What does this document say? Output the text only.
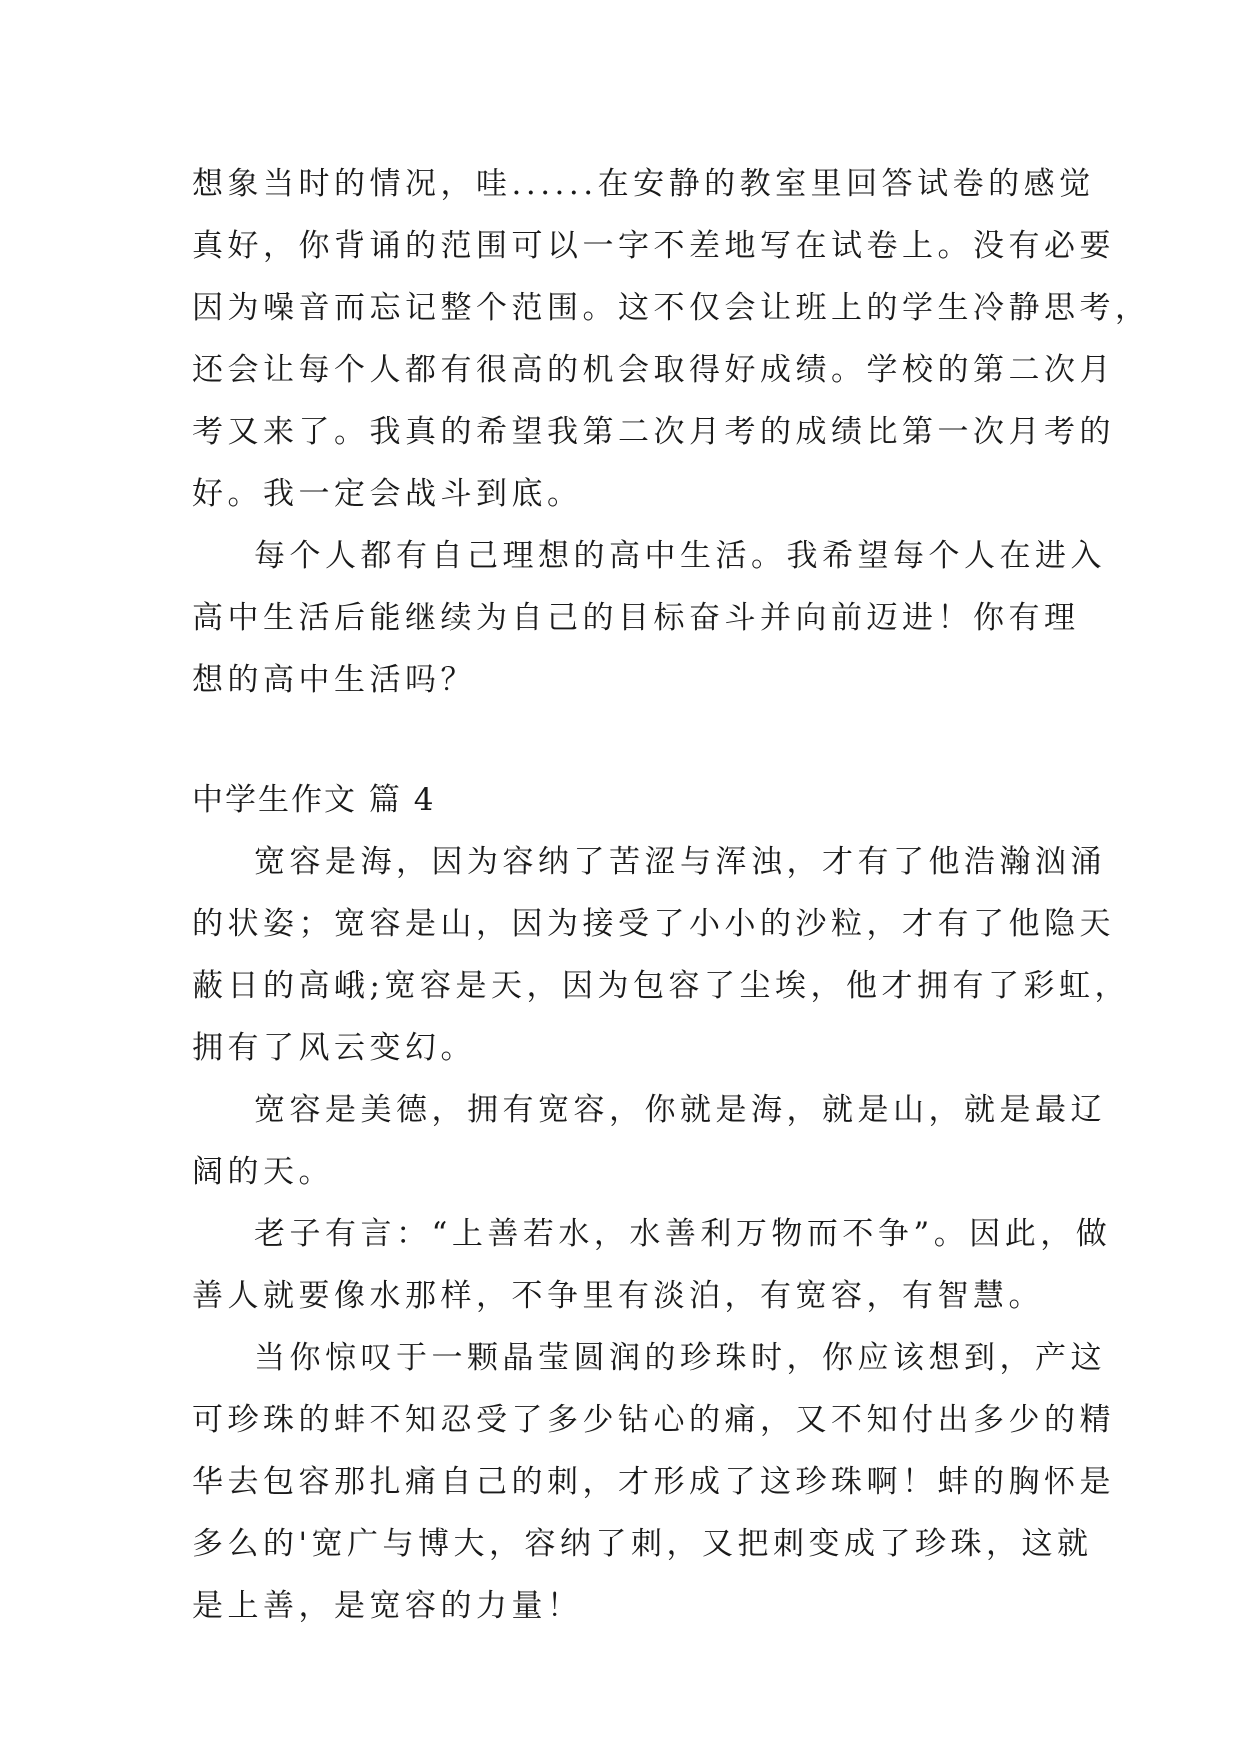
想象当时的情况，哇......在安静的教室里回答试卷的感觉
真好，你背诵的范围可以一字不差地写在试卷上。没有必要
因为噪音而忘记整个范围。这不仅会让班上的学生冷静思考，
还会让每个人都有很高的机会取得好成绩。学校的第二次月
考又来了。我真的希望我第二次月考的成绩比第一次月考的
好。我一定会战斗到底。
每个人都有自己理想的高中生活。我希望每个人在进入
高中生活后能继续为自己的目标奋斗并向前迈进！你有理
想的高中生活吗？
中学生作文 篇 4
宽容是海，因为容纳了苦涩与浑浊，才有了他浩瀚汹涌
的状姿；宽容是山，因为接受了小小的沙粒，才有了他隐天
蔽日的高峨;宽容是天，因为包容了尘埃，他才拥有了彩虹，
拥有了风云变幻。
宽容是美德，拥有宽容，你就是海，就是山，就是最辽
阔的天。
老子有言：“上善若水，水善利万物而不争”。因此，做
善人就要像水那样，不争里有淡泊，有宽容，有智慧。
当你惊叹于一颗晶莹圆润的珍珠时，你应该想到，产这
可珍珠的蚌不知忍受了多少钻心的痛，又不知付出多少的精
华去包容那扎痛自己的刺，才形成了这珍珠啊！蚌的胸怀是
多么的'宽广与博大，容纳了刺，又把刺变成了珍珠，这就
是上善，是宽容的力量！
